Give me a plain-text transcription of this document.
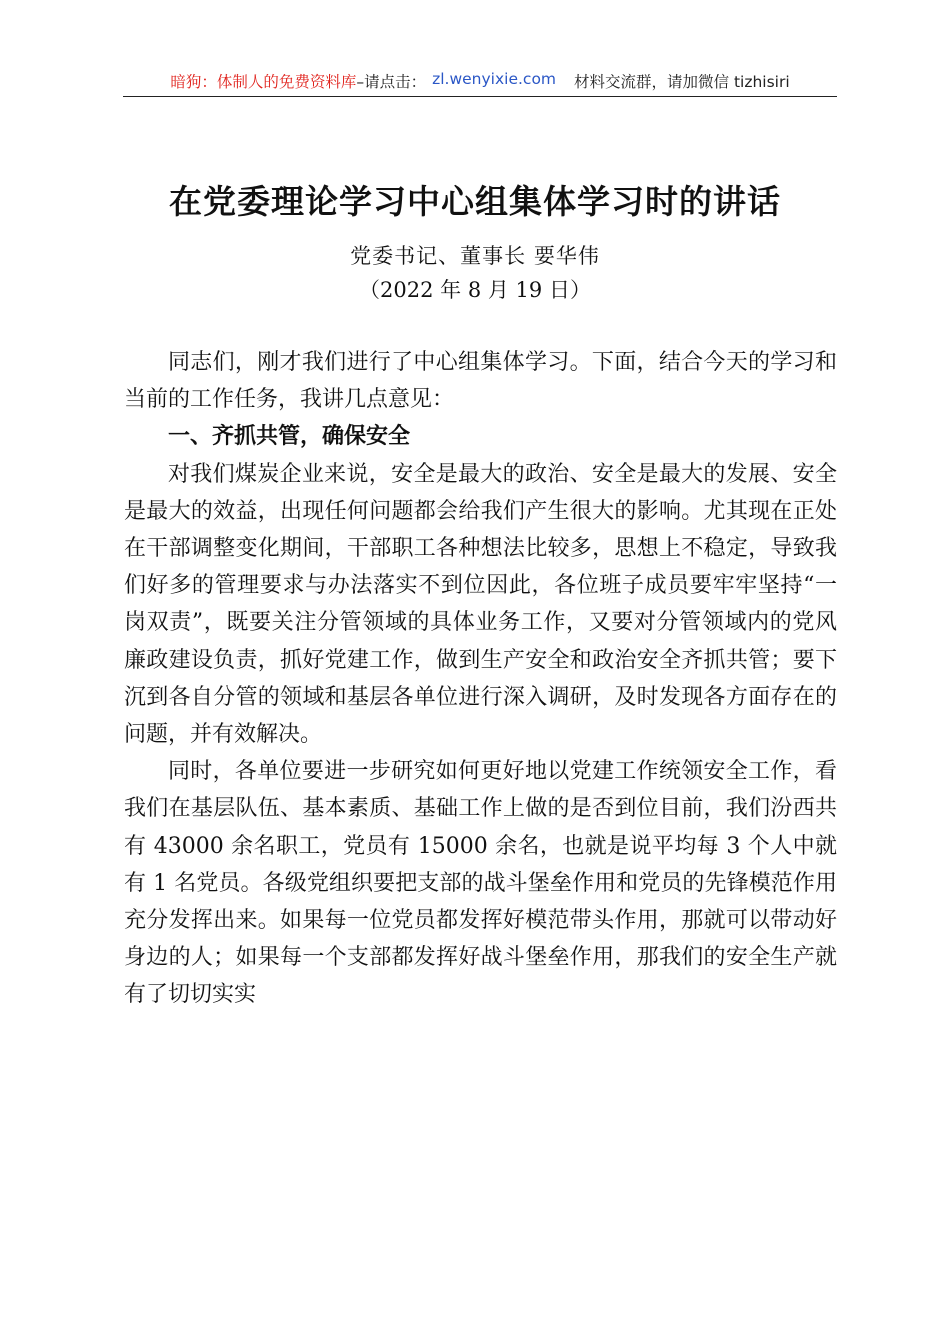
暗狗：体制人的免费资料库 –请点击： zl.wenyixie.com 材料交流群，请加微信 tizhisiri
在党委理论学习中心组集体学习时的讲话
党委书记、董事长 要华伟
（2022 年 8 月 19 日）

同志们，刚才我们进行了中心组集体学习。下面，结合今天的学习和当前的工作任务，我讲几点意见：

一、齐抓共管，确保安全

对我们煤炭企业来说，安全是最大的政治、安全是最大的发展、安全是最大的效益，出现任何问题都会给我们产生很大的影响。尤其现在正处在干部调整变化期间，干部职工各种想法比较多，思想上不稳定，导致我们好多的管理要求与办法落实不到位因此，各位班子成员要牢牢坚持“一岗双责”，既要关注分管领域的具体业务工作，又要对分管领域内的党风廉政建设负责，抓好党建工作，做到生产安全和政治安全齐抓共管；要下沉到各自分管的领域和基层各单位进行深入调研，及时发现各方面存在的问题，并有效解决。

同时，各单位要进一步研究如何更好地以党建工作统领安全工作，看我们在基层队伍、基本素质、基础工作上做的是否到位目前，我们汾西共有 43000 余名职工，党员有 15000 余名，也就是说平均每 3 个人中就有 1 名党员。各级党组织要把支部的战斗堡垒作用和党员的先锋模范作用充分发挥出来。如果每一位党员都发挥好模范带头作用，那就可以带动好身边的人；如果每一个支部都发挥好战斗堡垒作用，那我们的安全生产就有了切切实实
